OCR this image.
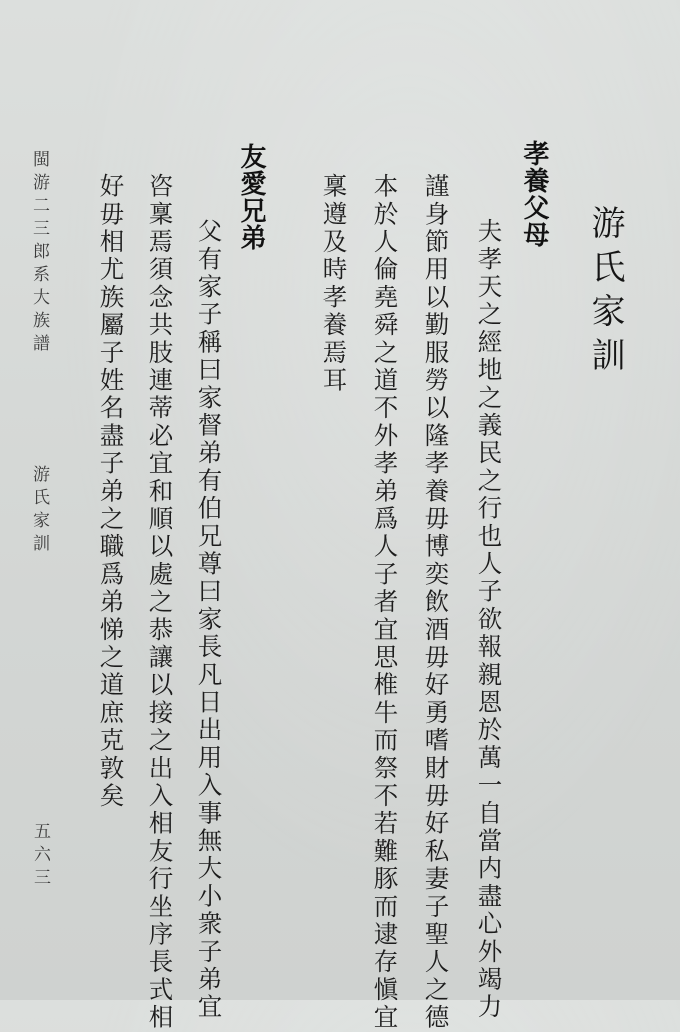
游氏家訓
孝養父母
夫孝天之經地之義民之行也人子欲報親恩於萬一自當内盡心外竭力
謹身節用以勤服勞以隆孝養毋博奕飲酒毋好勇嗜財毋好私妻子聖人之德
本於人倫堯舜之道不外孝弟爲人子者宜思椎牛而祭不若難豚而逮存愼宜
稟遵及時孝養焉耳
友愛兄弟
父有家子稱曰家督弟有伯兄尊曰家長凡日出用入事無大小衆子弟宜
咨稟焉須念共肢連蒂必宜和順以處之恭讓以接之出入相友行坐序長式相
好毋相尤族屬子姓名盡子弟之職爲弟悌之道庶克敦矣
閩游二三郎系大族譜
游氏家訓
五六三
